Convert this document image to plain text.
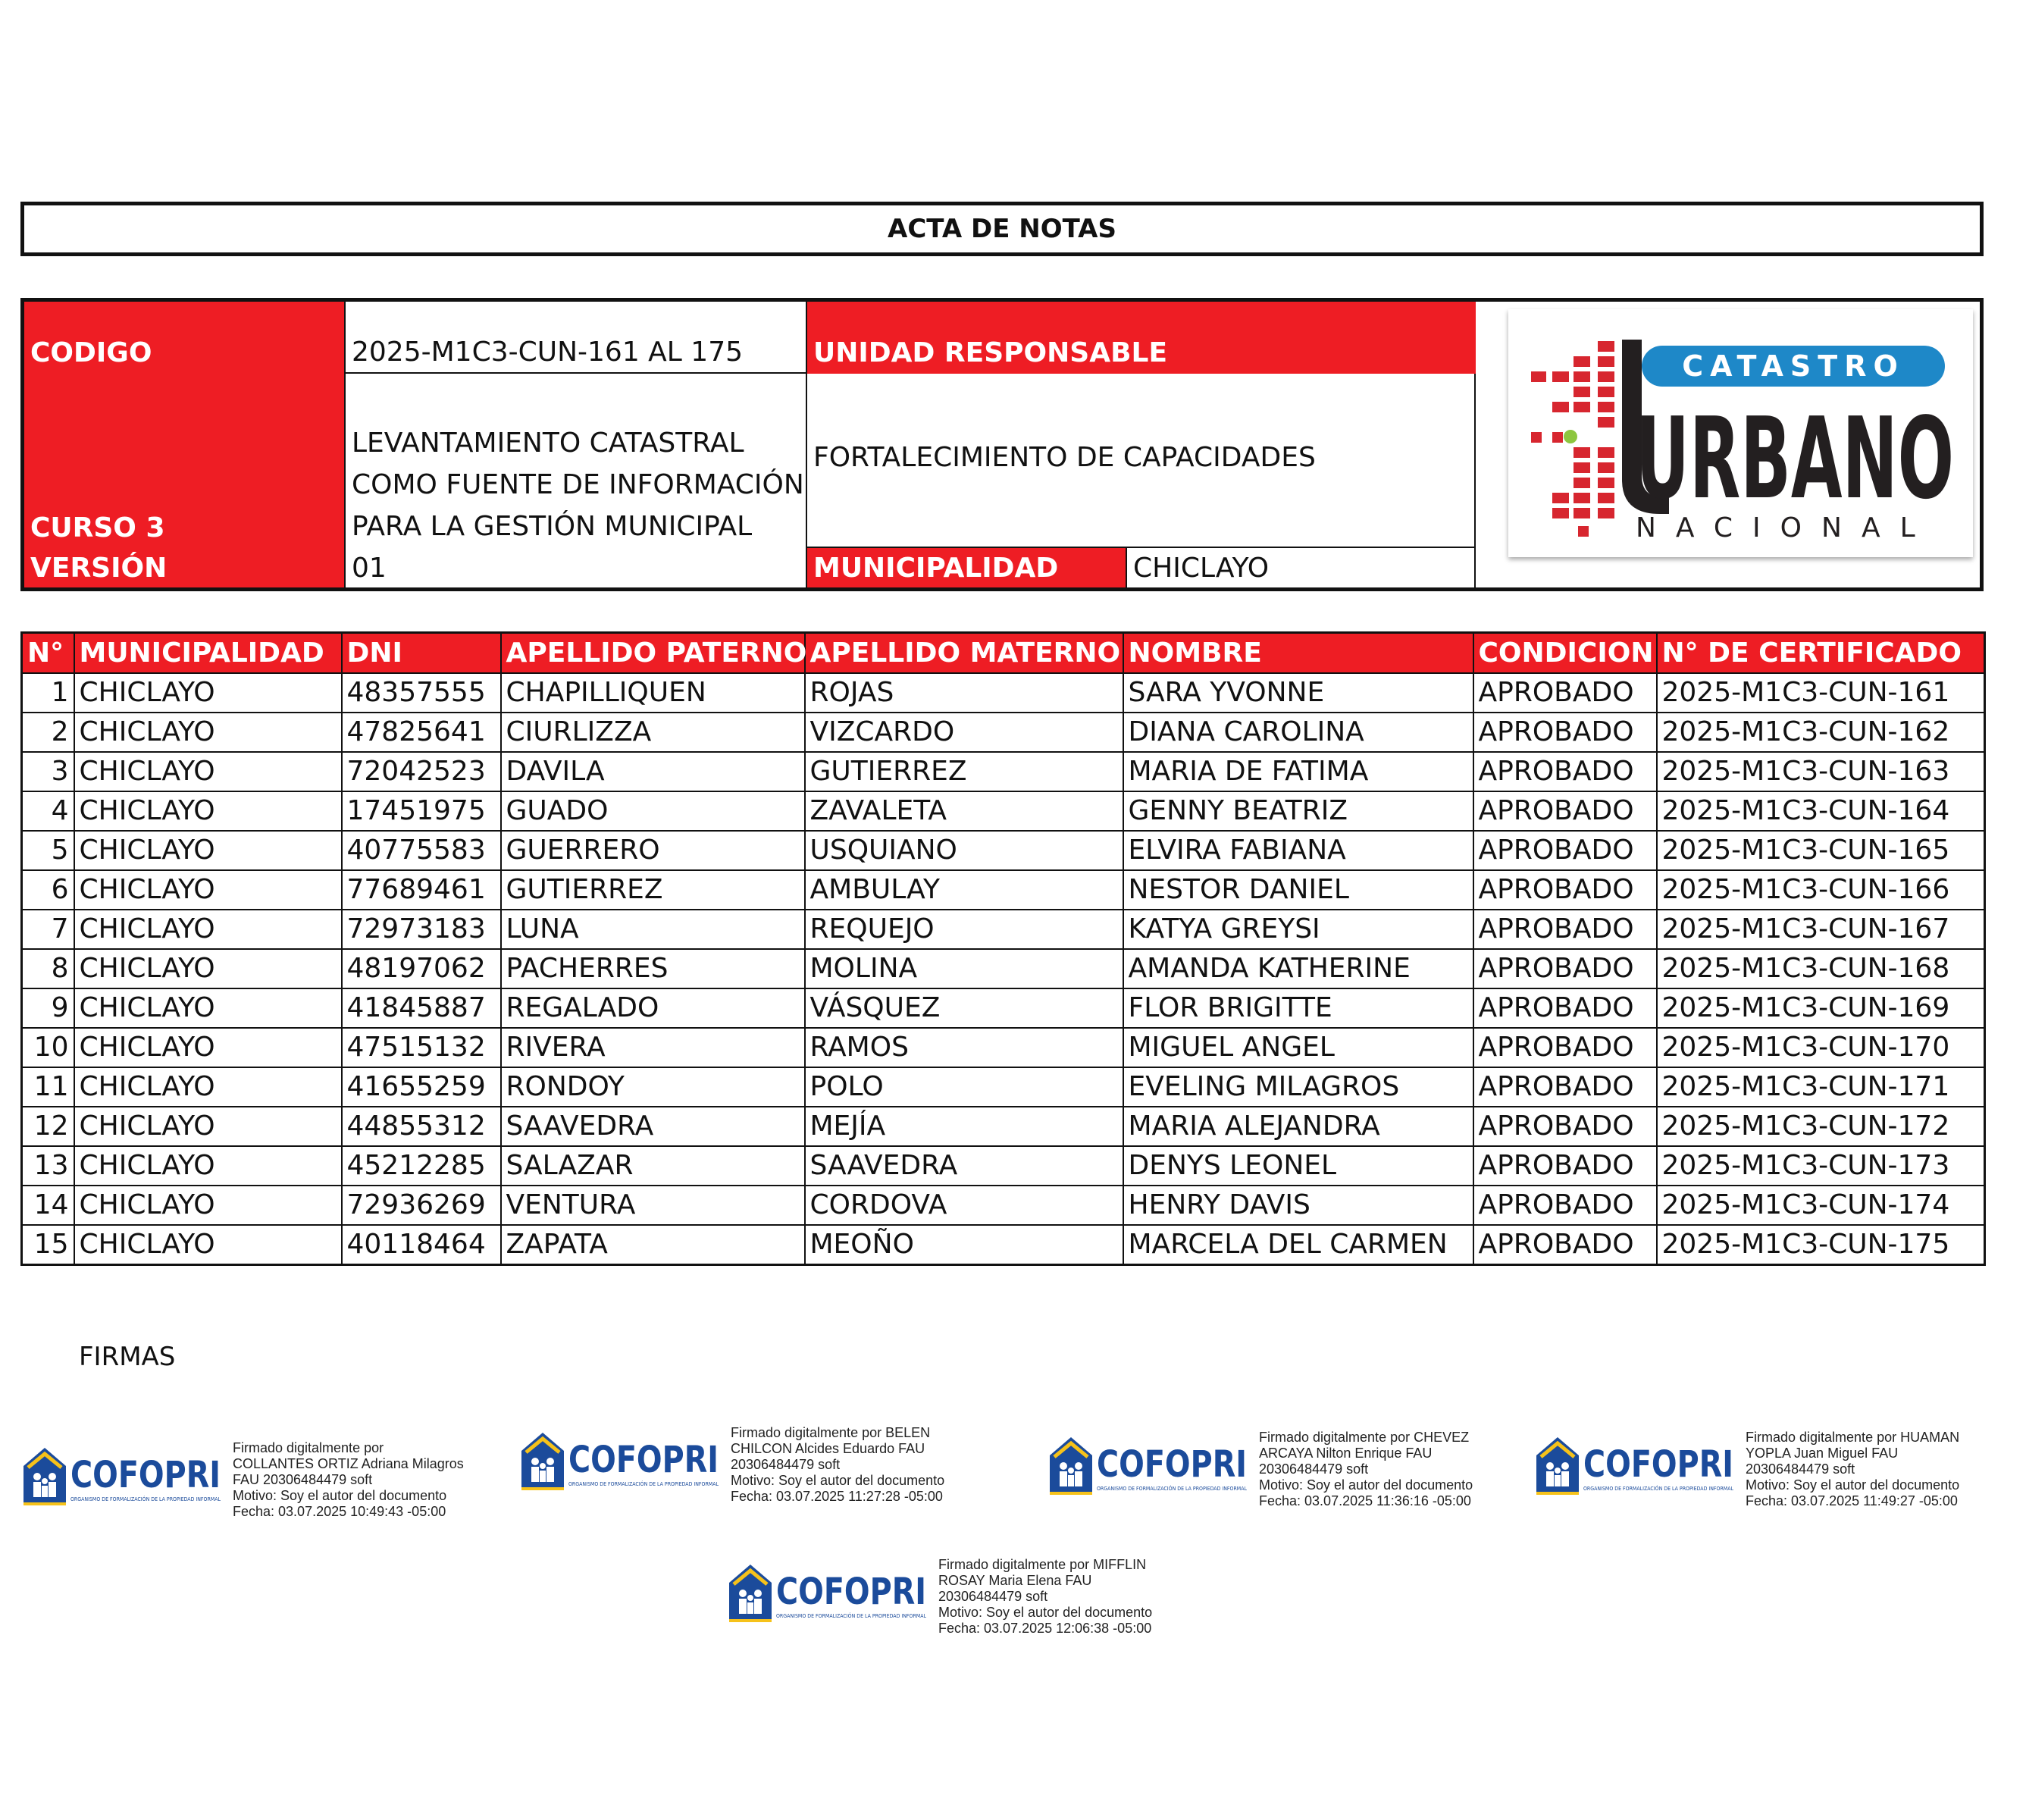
ACTA DE NOTAS
CODIGO	2025-M1C3-CUN-161 AL 175	UNIDAD RESPONSABLE
CURSO 3
LEVANTAMIENTO CATASTRAL
COMO FUENTE DE INFORMACIÓN
PARA LA GESTIÓN MUNICIPAL
FORTALECIMIENTO DE CAPACIDADES
VERSIÓN	01	MUNICIPALIDAD	CHICLAYO
CATASTRO
URBANO
NACIONAL
N°	MUNICIPALIDAD	DNI	APELLIDO PATERNO	APELLIDO MATERNO	NOMBRE	CONDICION	N° DE CERTIFICADO
1	CHICLAYO	48357555	CHAPILLIQUEN	ROJAS	SARA YVONNE	APROBADO	2025-M1C3-CUN-161
2	CHICLAYO	47825641	CIURLIZZA	VIZCARDO	DIANA CAROLINA	APROBADO	2025-M1C3-CUN-162
3	CHICLAYO	72042523	DAVILA	GUTIERREZ	MARIA DE FATIMA	APROBADO	2025-M1C3-CUN-163
4	CHICLAYO	17451975	GUADO	ZAVALETA	GENNY BEATRIZ	APROBADO	2025-M1C3-CUN-164
5	CHICLAYO	40775583	GUERRERO	USQUIANO	ELVIRA FABIANA	APROBADO	2025-M1C3-CUN-165
6	CHICLAYO	77689461	GUTIERREZ	AMBULAY	NESTOR DANIEL	APROBADO	2025-M1C3-CUN-166
7	CHICLAYO	72973183	LUNA	REQUEJO	KATYA GREYSI	APROBADO	2025-M1C3-CUN-167
8	CHICLAYO	48197062	PACHERRES	MOLINA	AMANDA KATHERINE	APROBADO	2025-M1C3-CUN-168
9	CHICLAYO	41845887	REGALADO	VÁSQUEZ	FLOR BRIGITTE	APROBADO	2025-M1C3-CUN-169
10	CHICLAYO	47515132	RIVERA	RAMOS	MIGUEL ANGEL	APROBADO	2025-M1C3-CUN-170
11	CHICLAYO	41655259	RONDOY	POLO	EVELING MILAGROS	APROBADO	2025-M1C3-CUN-171
12	CHICLAYO	44855312	SAAVEDRA	MEJÍA	MARIA ALEJANDRA	APROBADO	2025-M1C3-CUN-172
13	CHICLAYO	45212285	SALAZAR	SAAVEDRA	DENYS LEONEL	APROBADO	2025-M1C3-CUN-173
14	CHICLAYO	72936269	VENTURA	CORDOVA	HENRY DAVIS	APROBADO	2025-M1C3-CUN-174
15	CHICLAYO	40118464	ZAPATA	MEOÑO	MARCELA DEL CARMEN	APROBADO	2025-M1C3-CUN-175
FIRMAS
COFOPRI
ORGANISMO DE FORMALIZACIÓN DE LA PROPIEDAD INFORMAL
Firmado digitalmente por
COLLANTES ORTIZ Adriana Milagros
FAU 20306484479 soft
Motivo: Soy el autor del documento
Fecha: 03.07.2025 10:49:43 -05:00
COFOPRI
ORGANISMO DE FORMALIZACIÓN DE LA PROPIEDAD INFORMAL
Firmado digitalmente por BELEN
CHILCON Alcides Eduardo FAU
20306484479 soft
Motivo: Soy el autor del documento
Fecha: 03.07.2025 11:27:28 -05:00
COFOPRI
ORGANISMO DE FORMALIZACIÓN DE LA PROPIEDAD INFORMAL
Firmado digitalmente por CHEVEZ
ARCAYA Nilton Enrique FAU
20306484479 soft
Motivo: Soy el autor del documento
Fecha: 03.07.2025 11:36:16 -05:00
COFOPRI
ORGANISMO DE FORMALIZACIÓN DE LA PROPIEDAD INFORMAL
Firmado digitalmente por HUAMAN
YOPLA Juan Miguel FAU
20306484479 soft
Motivo: Soy el autor del documento
Fecha: 03.07.2025 11:49:27 -05:00
COFOPRI
ORGANISMO DE FORMALIZACIÓN DE LA PROPIEDAD INFORMAL
Firmado digitalmente por MIFFLIN
ROSAY Maria Elena FAU
20306484479 soft
Motivo: Soy el autor del documento
Fecha: 03.07.2025 12:06:38 -05:00
